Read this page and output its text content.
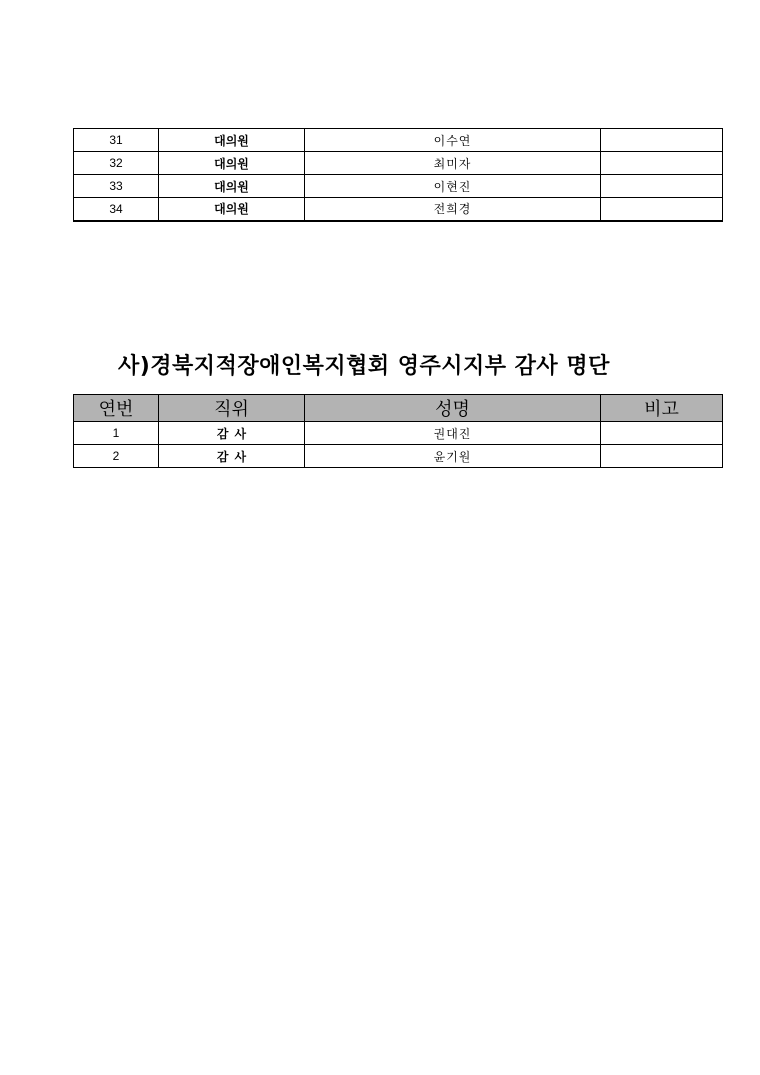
31	대의원	이수연	
32	대의원	최미자	
33	대의원	이현진	
34	대의원	전희경	
사)경북지적장애인복지협회 영주시지부 감사 명단
연번	직위	성명	비고
1	감사	권대진	
2	감사	윤기원	
